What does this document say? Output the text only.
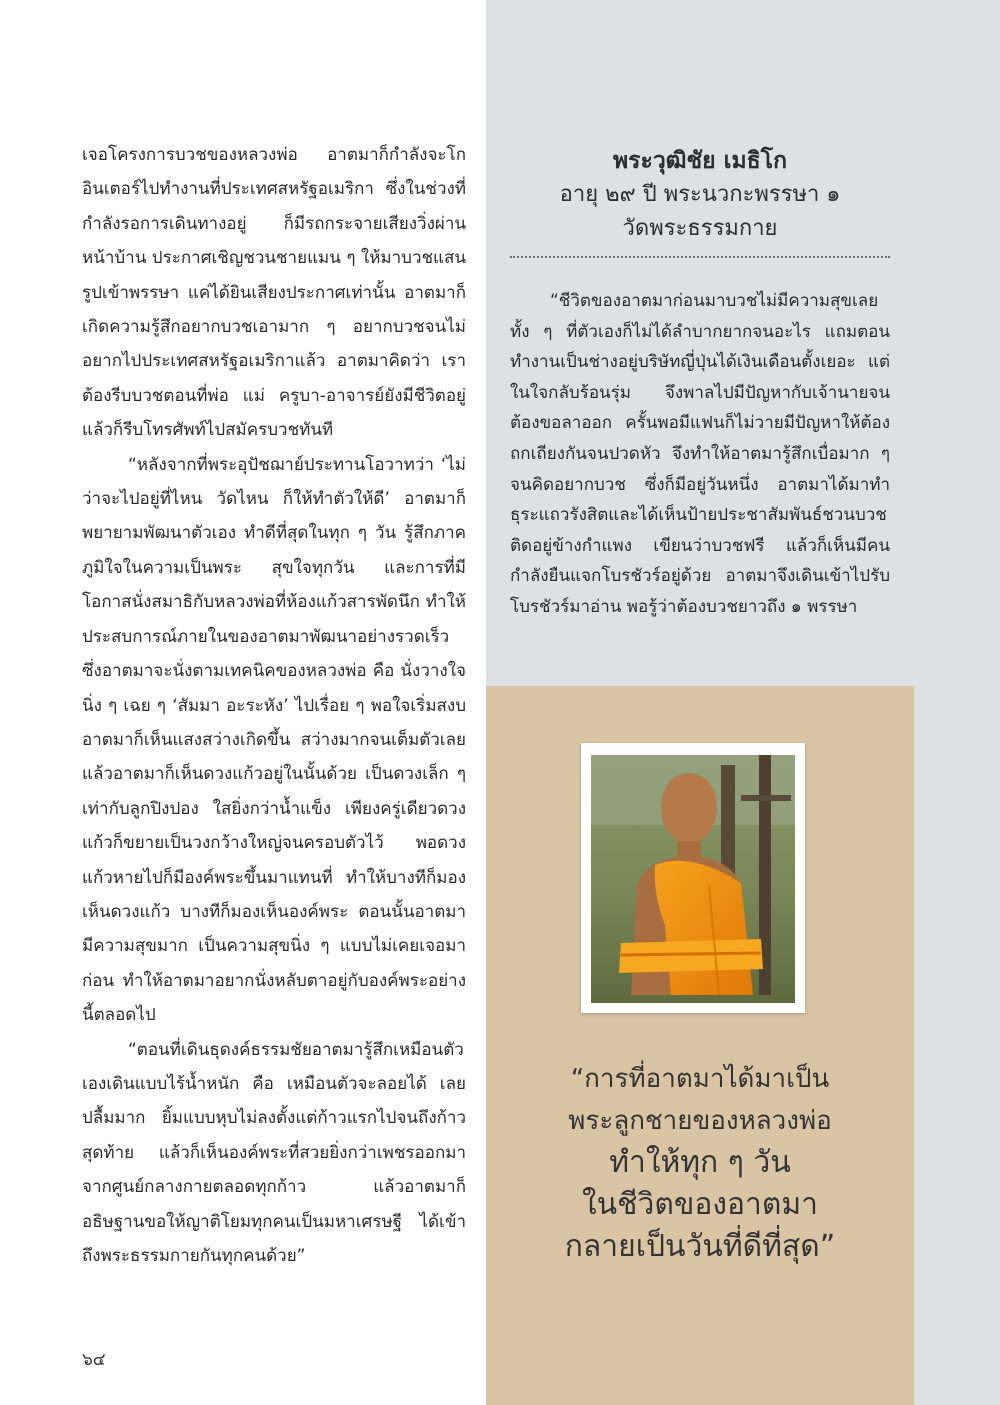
เจอโครงการบวชของหลวงพ่อ อาตมาก็กำลังจะโกอินเตอร์ไปทำงานที่ประเทศสหรัฐอเมริกา ซึ่งในช่วงที่กำลังรอการเดินทางอยู่ ก็มีรถกระจายเสียงวิ่งผ่านหน้าบ้าน ประกาศเชิญชวนชายแมน ๆ ให้มาบวชแสนรูปเข้าพรรษา แค่ได้ยินเสียงประกาศเท่านั้น อาตมาก็เกิดความรู้สึกอยากบวชเอามาก ๆ อยากบวชจนไม่อยากไปประเทศสหรัฐอเมริกาแล้ว อาตมาคิดว่า เราต้องรีบบวชตอนที่พ่อ แม่ ครูบา-อาจารย์ยังมีชีวิตอยู่ แล้วก็รีบโทรศัพท์ไปสมัครบวชทันที

“หลังจากที่พระอุปัชฌาย์ประทานโอวาทว่า ‘ไม่ว่าจะไปอยู่ที่ไหน วัดไหน ก็ให้ทำตัวให้ดี’ อาตมาก็พยายามพัฒนาตัวเอง ทำดีที่สุดในทุก ๆ วัน รู้สึกภาคภูมิใจในความเป็นพระ สุขใจทุกวัน และการที่มีโอกาสนั่งสมาธิกับหลวงพ่อที่ห้องแก้วสารพัดนึก ทำให้ประสบการณ์ภายในของอาตมาพัฒนาอย่างรวดเร็ว ซึ่งอาตมาจะนั่งตามเทคนิคของหลวงพ่อ คือ นั่งวางใจนิ่ง ๆ เฉย ๆ ‘สัมมา อะระหัง’ ไปเรื่อย ๆ พอใจเริ่มสงบ อาตมาก็เห็นแสงสว่างเกิดขึ้น สว่างมากจนเต็มตัวเลย แล้วอาตมาก็เห็นดวงแก้วอยู่ในนั้นด้วย เป็นดวงเล็ก ๆ เท่ากับลูกปิงปอง ใสยิ่งกว่าน้ำแข็ง เพียงครู่เดียวดวงแก้วก็ขยายเป็นวงกว้างใหญ่จนครอบตัวไว้ พอดวงแก้วหายไปก็มีองค์พระขึ้นมาแทนที่ ทำให้บางทีก็มองเห็นดวงแก้ว บางทีก็มองเห็นองค์พระ ตอนนั้นอาตมามีความสุขมาก เป็นความสุขนิ่ง ๆ แบบไม่เคยเจอมาก่อน ทำให้อาตมาอยากนั่งหลับตาอยู่กับองค์พระอย่างนี้ตลอดไป

“ตอนที่เดินธุดงค์ธรรมชัยอาตมารู้สึกเหมือนตัวเองเดินแบบไร้น้ำหนัก คือ เหมือนตัวจะลอยได้ เลยปลื้มมาก ยิ้มแบบหุบไม่ลงตั้งแต่ก้าวแรกไปจนถึงก้าวสุดท้าย แล้วก็เห็นองค์พระที่สวยยิ่งกว่าเพชรออกมาจากศูนย์กลางกายตลอดทุกก้าว แล้วอาตมาก็อธิษฐานขอให้ญาติโยมทุกคนเป็นมหาเศรษฐี ได้เข้าถึงพระธรรมกายกันทุกคนด้วย”

๖๔
พระวุฒิชัย เมธิโก
อายุ ๒๙ ปี พระนวกะพรรษา ๑
วัดพระธรรมกาย

“ชีวิตของอาตมาก่อนมาบวชไม่มีความสุขเลยทั้ง ๆ ที่ตัวเองก็ไม่ได้ลำบากยากจนอะไร แถมตอนทำงานเป็นช่างอยู่บริษัทญี่ปุ่นได้เงินเดือนตั้งเยอะ แต่ในใจกลับร้อนรุ่ม จึงพาลไปมีปัญหากับเจ้านายจนต้องขอลาออก ครั้นพอมีแฟนก็ไม่วายมีปัญหาให้ต้องถกเถียงกันจนปวดหัว จึงทำให้อาตมารู้สึกเบื่อมาก ๆ จนคิดอยากบวช ซึ่งก็มีอยู่วันหนึ่ง อาตมาได้มาทำธุระแถวรังสิตและได้เห็นป้ายประชาสัมพันธ์ชวนบวชติดอยู่ข้างกำแพง เขียนว่าบวชฟรี แล้วก็เห็นมีคนกำลังยืนแจกโบรชัวร์อยู่ด้วย อาตมาจึงเดินเข้าไปรับโบรชัวร์มาอ่าน พอรู้ว่าต้องบวชยาวถึง ๑ พรรษา

“การที่อาตมาได้มาเป็น
พระลูกชายของหลวงพ่อ
ทำให้ทุก ๆ วัน
ในชีวิตของอาตมา
กลายเป็นวันที่ดีที่สุด”
